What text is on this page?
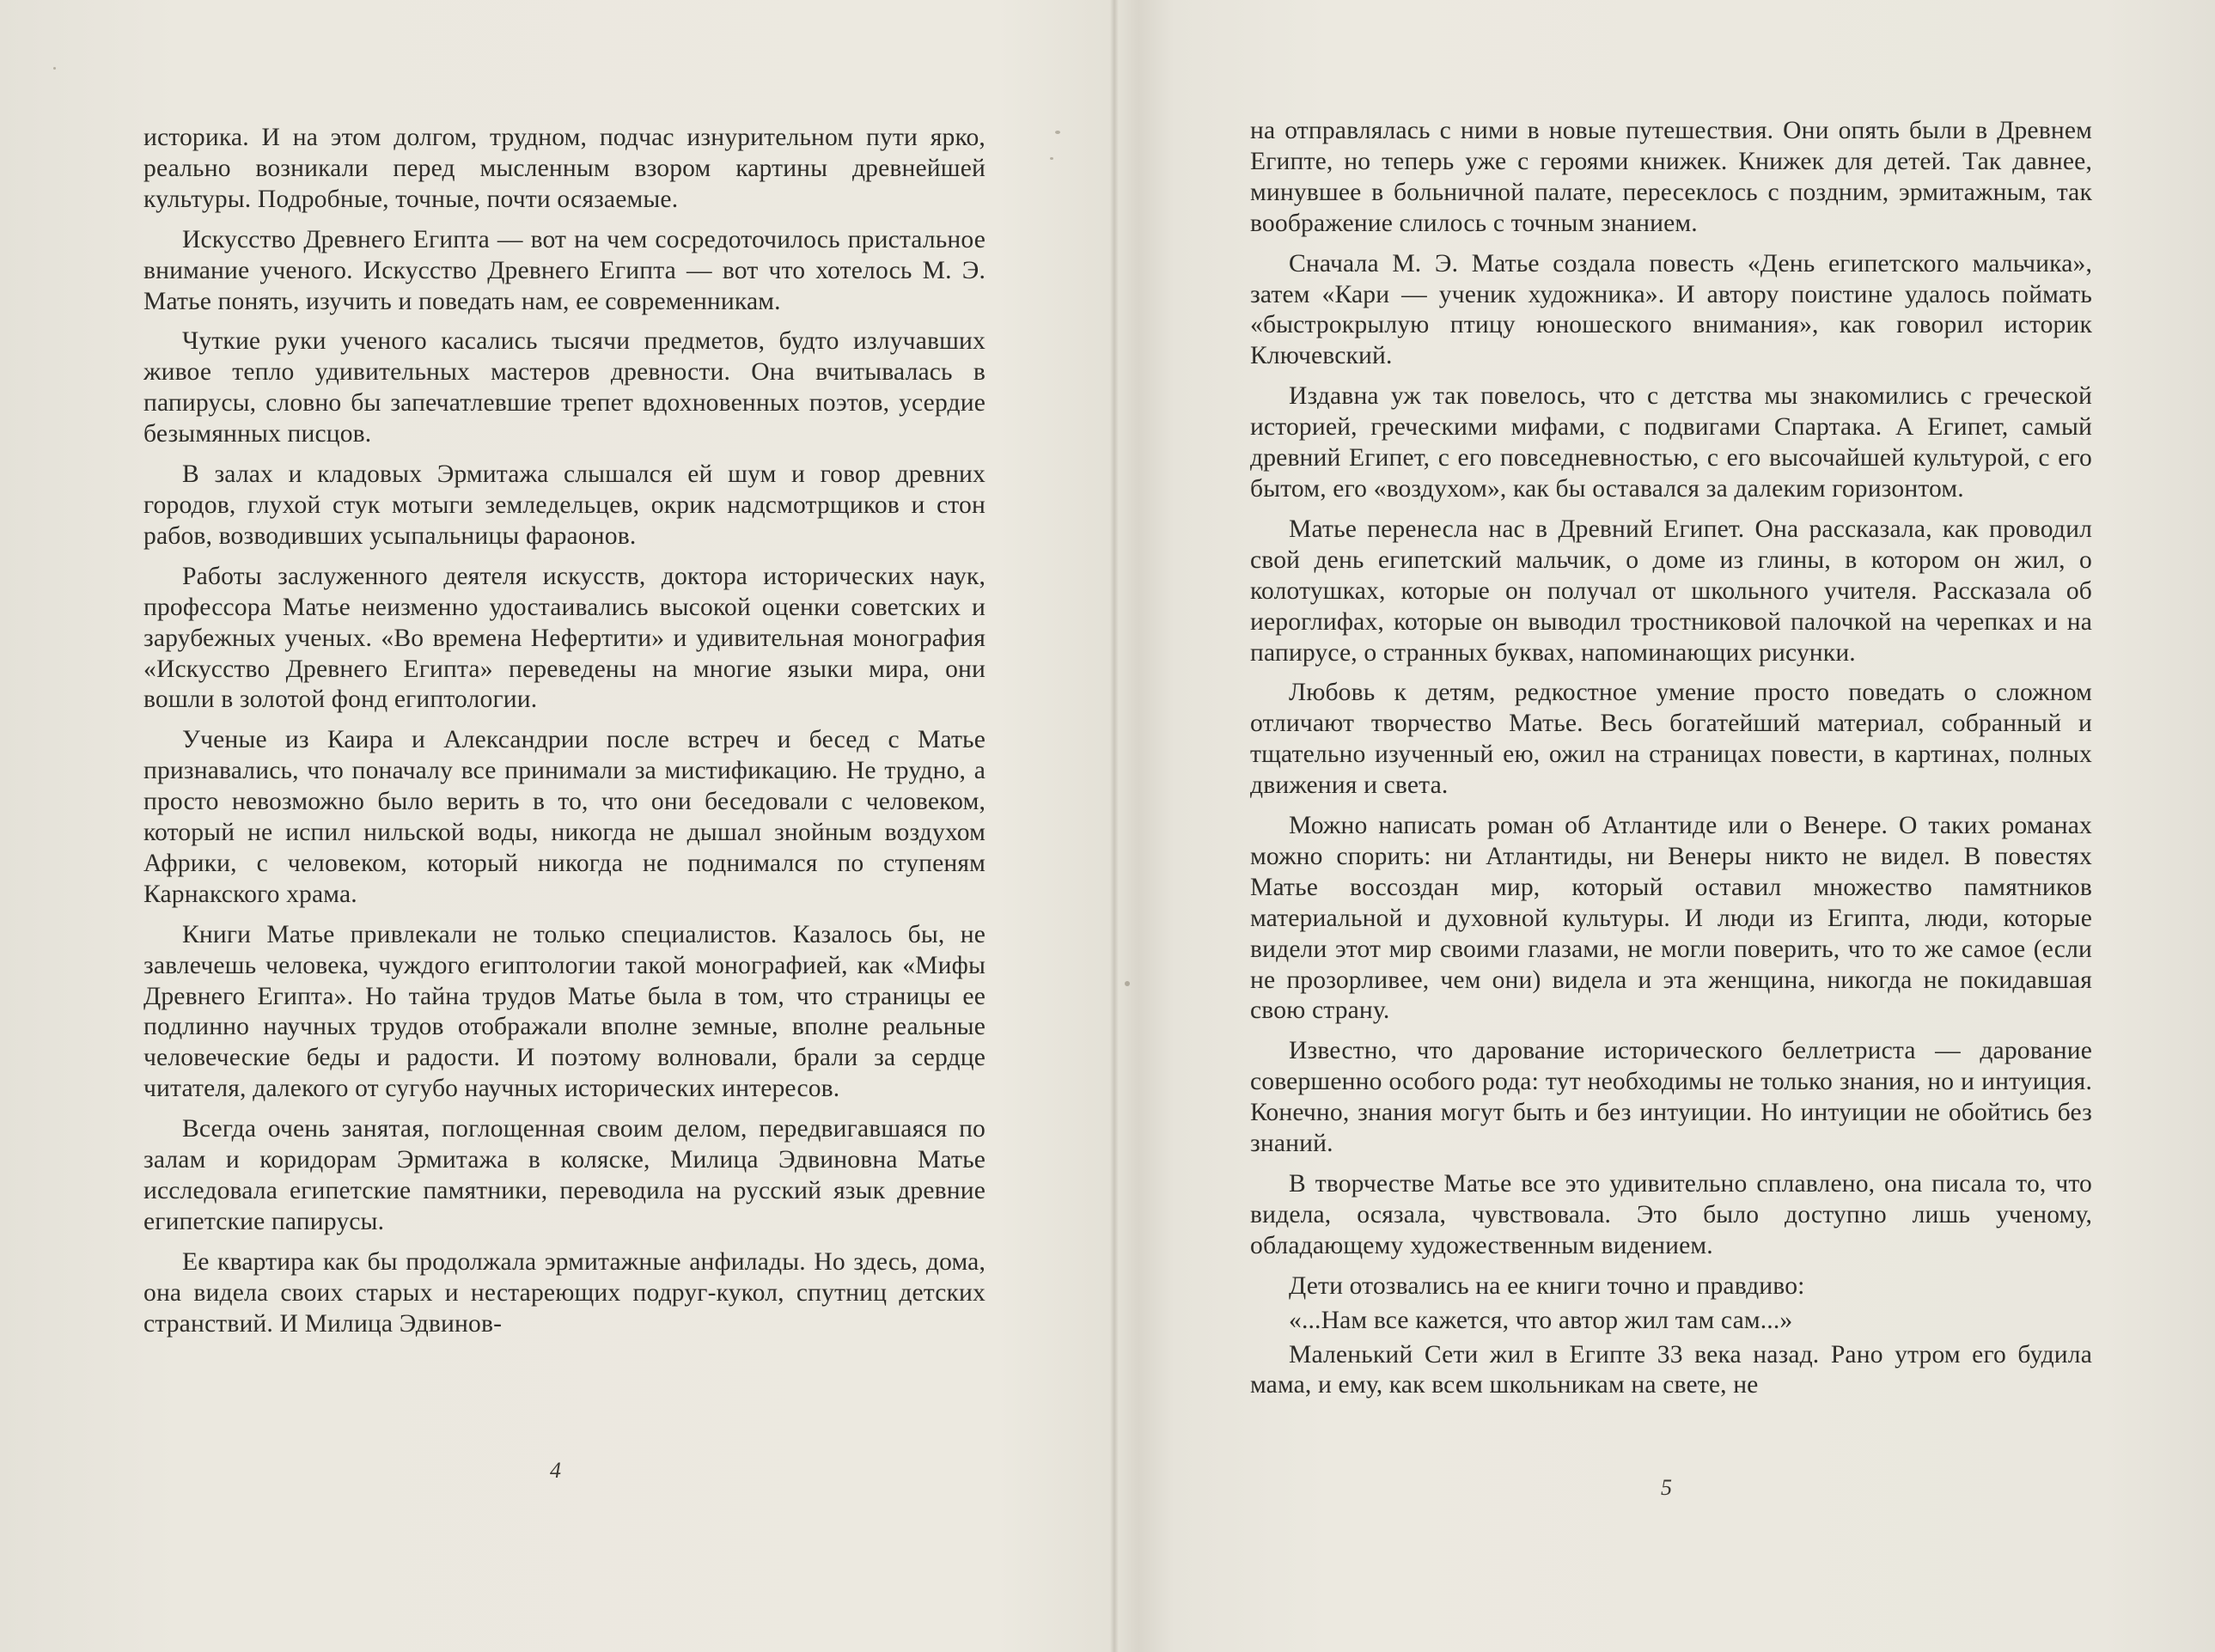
историка. И на этом долгом, трудном, подчас изнурительном пути ярко, реально возникали перед мысленным взором картины древнейшей культуры. Подробные, точные, почти осязаемые.

Искусство Древнего Египта — вот на чем сосредоточилось пристальное внимание ученого. Искусство Древнего Египта — вот что хотелось М. Э. Матье понять, изучить и поведать нам, ее современникам.

Чуткие руки ученого касались тысячи предметов, будто излучавших живое тепло удивительных мастеров древности. Она вчитывалась в папирусы, словно бы запечатлевшие трепет вдохновенных поэтов, усердие безымянных писцов.

В залах и кладовых Эрмитажа слышался ей шум и говор древних городов, глухой стук мотыги земледельцев, окрик надсмотрщиков и стон рабов, возводивших усыпальницы фараонов.

Работы заслуженного деятеля искусств, доктора исторических наук, профессора Матье неизменно удостаивались высокой оценки советских и зарубежных ученых. «Во времена Нефертити» и удивительная монография «Искусство Древнего Египта» переведены на многие языки мира, они вошли в золотой фонд египтологии.

Ученые из Каира и Александрии после встреч и бесед с Матье признавались, что поначалу все принимали за мистификацию. Не трудно, а просто невозможно было верить в то, что они беседовали с человеком, который не испил нильской воды, никогда не дышал знойным воздухом Африки, с человеком, который никогда не поднимался по ступеням Карнакского храма.

Книги Матье привлекали не только специалистов. Казалось бы, не завлечешь человека, чуждого египтологии такой монографией, как «Мифы Древнего Египта». Но тайна трудов Матье была в том, что страницы ее подлинно научных трудов отображали вполне земные, вполне реальные человеческие беды и радости. И поэтому волновали, брали за сердце читателя, далекого от сугубо научных исторических интересов.

Всегда очень занятая, поглощенная своим делом, передвигавшаяся по залам и коридорам Эрмитажа в коляске, Милица Эдвиновна Матье исследовала египетские памятники, переводила на русский язык древние египетские папирусы.

Ее квартира как бы продолжала эрмитажные анфилады. Но здесь, дома, она видела своих старых и нестареющих подруг-кукол, спутниц детских странствий. И Милица Эдвинов-

4

на отправлялась с ними в новые путешествия. Они опять были в Древнем Египте, но теперь уже с героями книжек. Книжек для детей. Так давнее, минувшее в больничной палате, пересеклось с поздним, эрмитажным, так воображение слилось с точным знанием.

Сначала М. Э. Матье создала повесть «День египетского мальчика», затем «Кари — ученик художника». И автору поистине удалось поймать «быстрокрылую птицу юношеского внимания», как говорил историк Ключевский.

Издавна уж так повелось, что с детства мы знакомились с греческой историей, греческими мифами, с подвигами Спартака. А Египет, самый древний Египет, с его повседневностью, с его высочайшей культурой, с его бытом, его «воздухом», как бы оставался за далеким горизонтом.

Матье перенесла нас в Древний Египет. Она рассказала, как проводил свой день египетский мальчик, о доме из глины, в котором он жил, о колотушках, которые он получал от школьного учителя. Рассказала об иероглифах, которые он выводил тростниковой палочкой на черепках и на папирусе, о странных буквах, напоминающих рисунки.

Любовь к детям, редкостное умение просто поведать о сложном отличают творчество Матье. Весь богатейший материал, собранный и тщательно изученный ею, ожил на страницах повести, в картинах, полных движения и света.

Можно написать роман об Атлантиде или о Венере. О таких романах можно спорить: ни Атлантиды, ни Венеры никто не видел. В повестях Матье воссоздан мир, который оставил множество памятников материальной и духовной культуры. И люди из Египта, люди, которые видели этот мир своими глазами, не могли поверить, что то же самое (если не прозорливее, чем они) видела и эта женщина, никогда не покидавшая свою страну.

Известно, что дарование исторического беллетриста — дарование совершенно особого рода: тут необходимы не только знания, но и интуиция. Конечно, знания могут быть и без интуиции. Но интуиции не обойтись без знаний.

В творчестве Матье все это удивительно сплавлено, она писала то, что видела, осязала, чувствовала. Это было доступно лишь ученому, обладающему художественным видением.

Дети отозвались на ее книги точно и правдиво:

«...Нам все кажется, что автор жил там сам...»

Маленький Сети жил в Египте 33 века назад. Рано утром его будила мама, и ему, как всем школьникам на свете, не

5
